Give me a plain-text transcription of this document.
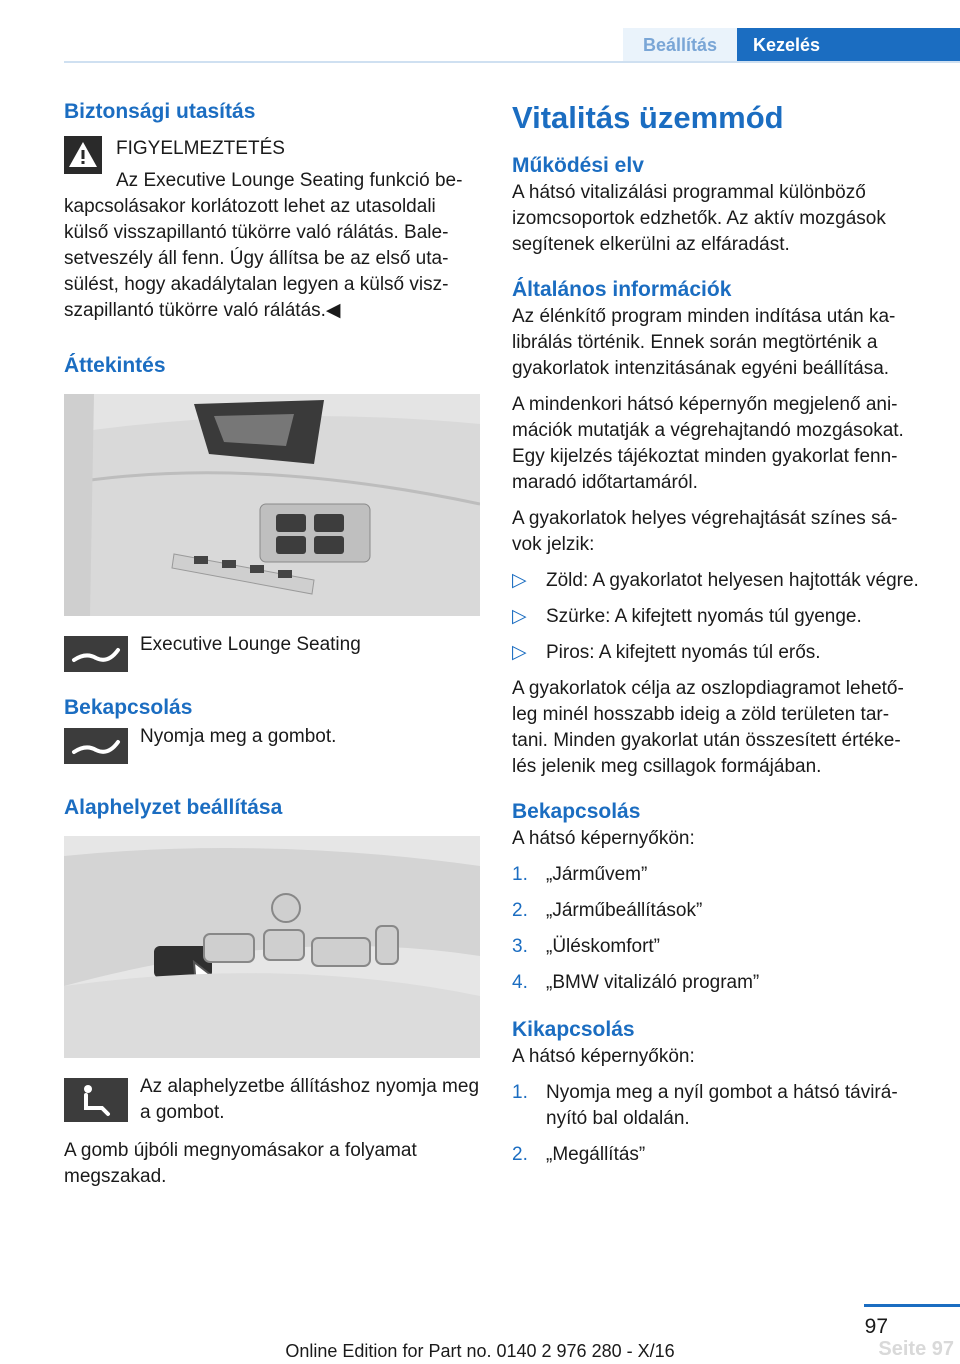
Beállítás	Kezelés
Biztonsági utasítás

FIGYELMEZTETÉS

Az Executive Lounge Seating funkció be‐kapcsolásakor korlátozott lehet az utasoldali külső visszapillantó tükörre való rálátás. Bale‐setveszély áll fenn. Úgy állítsa be az első uta‐sülést, hogy akadálytalan legyen a külső visz‐szapillantó tükörre való rálátás.◀

Áttekintés

Executive Lounge Seating

Bekapcsolás

Nyomja meg a gombot.

Alaphelyzet beállítása

Az alaphelyzetbe állításhoz nyomja meg a gombot.

A gomb újbóli megnyomásakor a folyamat megszakad.

Vitalitás üzemmód
Működési elv

A hátsó vitalizálási programmal különböző izomcsoportok edzhetők. Az aktív mozgások segítenek elkerülni az elfáradást.

Általános információk

Az élénkítő program minden indítása után ka‐librálás történik. Ennek során megtörténik a gyakorlatok intenzitásának egyéni beállítása.

A mindenkori hátsó képernyőn megjelenő ani‐mációk mutatják a végrehajtandó mozgásokat. Egy kijelzés tájékoztat minden gyakorlat fenn‐maradó időtartamáról.

A gyakorlatok helyes végrehajtását színes sá‐vok jelzik:

▷ Zöld: A gyakorlatot helyesen hajtották végre.
▷ Szürke: A kifejtett nyomás túl gyenge.
▷ Piros: A kifejtett nyomás túl erős.

A gyakorlatok célja az oszlopdiagramot lehető‐leg minél hosszabb ideig a zöld területen tar‐tani. Minden gyakorlat után összesített értéke‐lés jelenik meg csillagok formájában.

Bekapcsolás

A hátsó képernyőkön:

1. „Járművem”
2. „Járműbeállítások”
3. „Üléskomfort”
4. „BMW vitalizáló program”
Kikapcsolás

A hátsó képernyőkön:

1. Nyomja meg a nyíl gombot a hátsó távirá‐nyító bal oldalán.
2. „Megállítás”
97
Seite 97
Online Edition for Part no. 0140 2 976 280 - X/16
